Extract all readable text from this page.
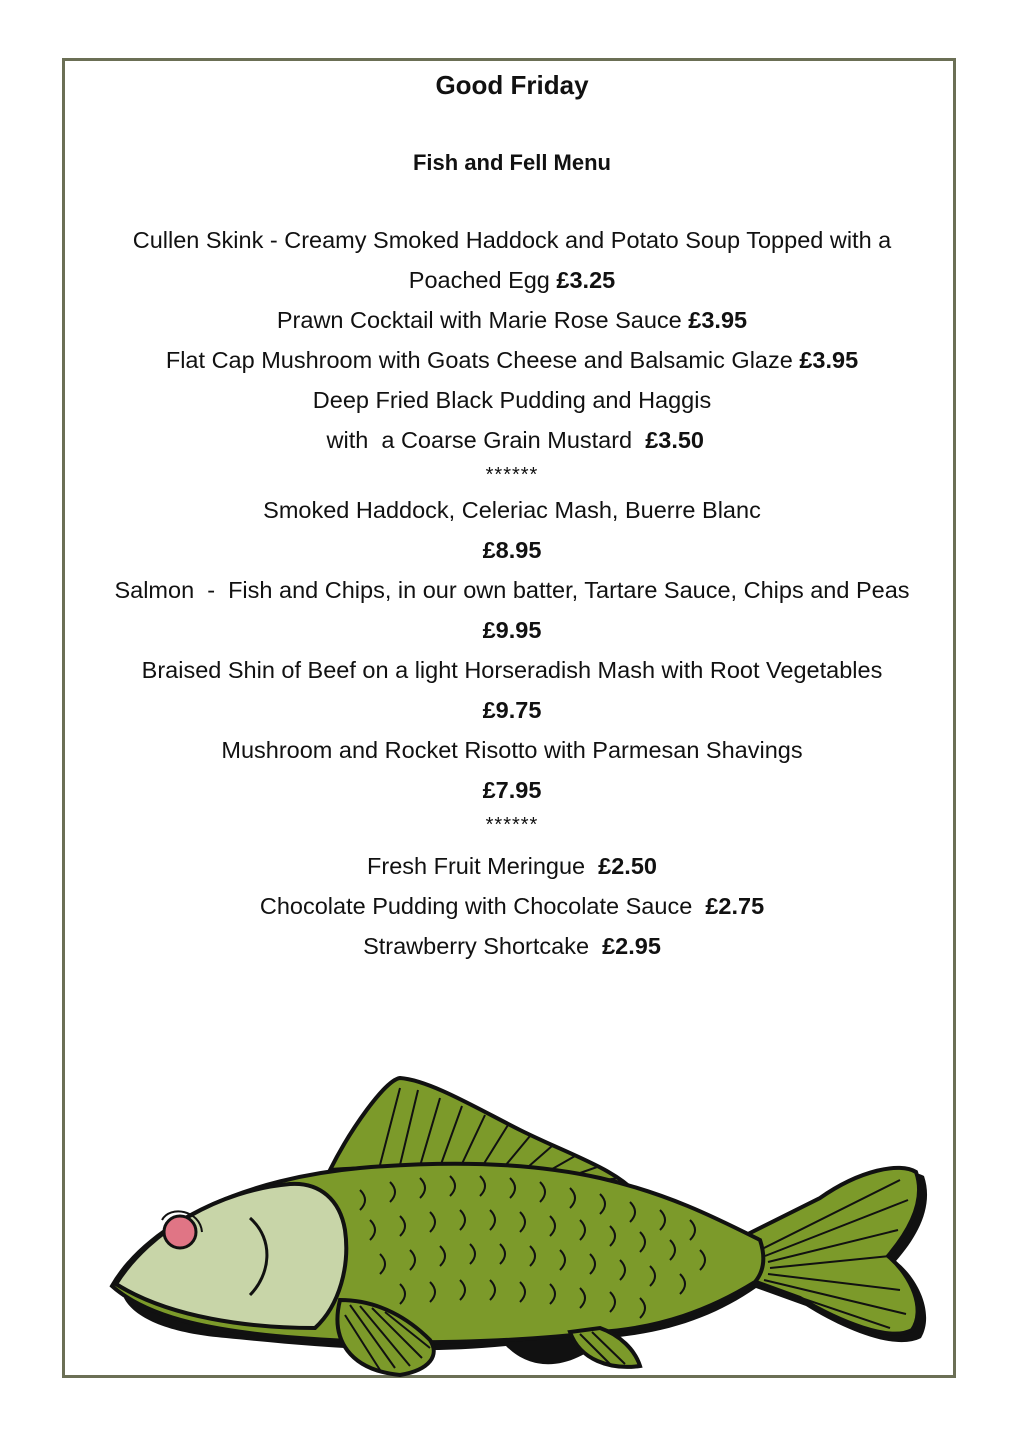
Good Friday
Fish and Fell Menu
Cullen Skink - Creamy Smoked Haddock and Potato Soup Topped with a
Poached Egg £3.25
Prawn Cocktail with Marie Rose Sauce £3.95
Flat Cap Mushroom with Goats Cheese and Balsamic Glaze £3.95
Deep Fried Black Pudding and Haggis
with  a Coarse Grain Mustard  £3.50
******
Smoked Haddock, Celeriac Mash, Buerre Blanc
£8.95
Salmon  -  Fish and Chips, in our own batter, Tartare Sauce, Chips and Peas
£9.95
Braised Shin of Beef on a light Horseradish Mash with Root Vegetables
£9.75
Mushroom and Rocket Risotto with Parmesan Shavings
£7.95
******
Fresh Fruit Meringue  £2.50
Chocolate Pudding with Chocolate Sauce  £2.75
Strawberry Shortcake  £2.95
